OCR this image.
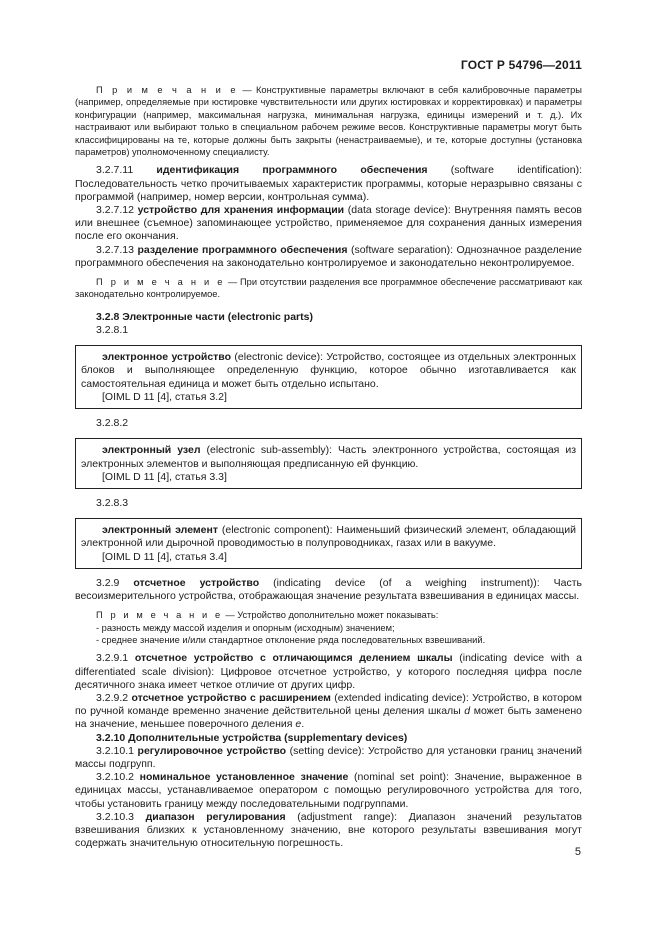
ГОСТ Р 54796—2011

П р и м е ч а н и е — Конструктивные параметры включают в себя калибровочные параметры (например, определяемые при юстировке чувствительности или других юстировках и корректировках) и параметры конфигурации (например, максимальная нагрузка, минимальная нагрузка, единицы измерений и т. д.). Их настраивают или выбирают только в специальном рабочем режиме весов. Конструктивные параметры могут быть классифицированы на те, которые должны быть закрыты (ненастраиваемые), и те, которые доступны (установка параметров) уполномоченному специалисту.

3.2.7.11 идентификация программного обеспечения (software identification): Последовательность четко прочитываемых характеристик программы, которые неразрывно связаны с программой (например, номер версии, контрольная сумма).

3.2.7.12 устройство для хранения информации (data storage device): Внутренняя память весов или внешнее (съемное) запоминающее устройство, применяемое для сохранения данных измерения после его окончания.

3.2.7.13 разделение программного обеспечения (software separation): Однозначное разделение программного обеспечения на законодательно контролируемое и законодательно неконтролируемое.

П р и м е ч а н и е — При отсутствии разделения все программное обеспечение рассматривают как законодательно контролируемое.

3.2.8 Электронные части (electronic parts)

3.2.8.1

электронное устройство (electronic device): Устройство, состоящее из отдельных электронных блоков и выполняющее определенную функцию, которое обычно изготавливается как самостоятельная единица и может быть отдельно испытано.

[OIML D 11 [4], статья 3.2]

3.2.8.2

электронный узел (electronic sub-assembly): Часть электронного устройства, состоящая из электронных элементов и выполняющая предписанную ей функцию.

[OIML D 11 [4], статья 3.3]

3.2.8.3

электронный элемент (electronic component): Наименьший физический элемент, обладающий электронной или дырочной проводимостью в полупроводниках, газах или в вакууме.

[OIML D 11 [4], статья 3.4]

3.2.9 отсчетное устройство (indicating device (of a weighing instrument)): Часть весоизмерительного устройства, отображающая значение результата взвешивания в единицах массы.

П р и м е ч а н и е — Устройство дополнительно может показывать:

- разность между массой изделия и опорным (исходным) значением;

- среднее значение и/или стандартное отклонение ряда последовательных взвешиваний.

3.2.9.1 отсчетное устройство с отличающимся делением шкалы (indicating device with a differentiated scale division): Цифровое отсчетное устройство, у которого последняя цифра после десятичного знака имеет четкое отличие от других цифр.

3.2.9.2 отсчетное устройство с расширением (extended indicating device): Устройство, в котором по ручной команде временно значение действительной цены деления шкалы d может быть заменено на значение, меньшее поверочного деления е.

3.2.10 Дополнительные устройства (supplementary devices)

3.2.10.1 регулировочное устройство (setting device): Устройство для установки границ значений массы подгрупп.

3.2.10.2 номинальное установленное значение (nominal set point): Значение, выраженное в единицах массы, устанавливаемое оператором с помощью регулировочного устройства для того, чтобы установить границу между последовательными подгруппами.

3.2.10.3 диапазон регулирования (adjustment range): Диапазон значений результатов взвешивания близких к установленному значению, вне которого результаты взвешивания могут содержать значительную относительную погрешность.

5
